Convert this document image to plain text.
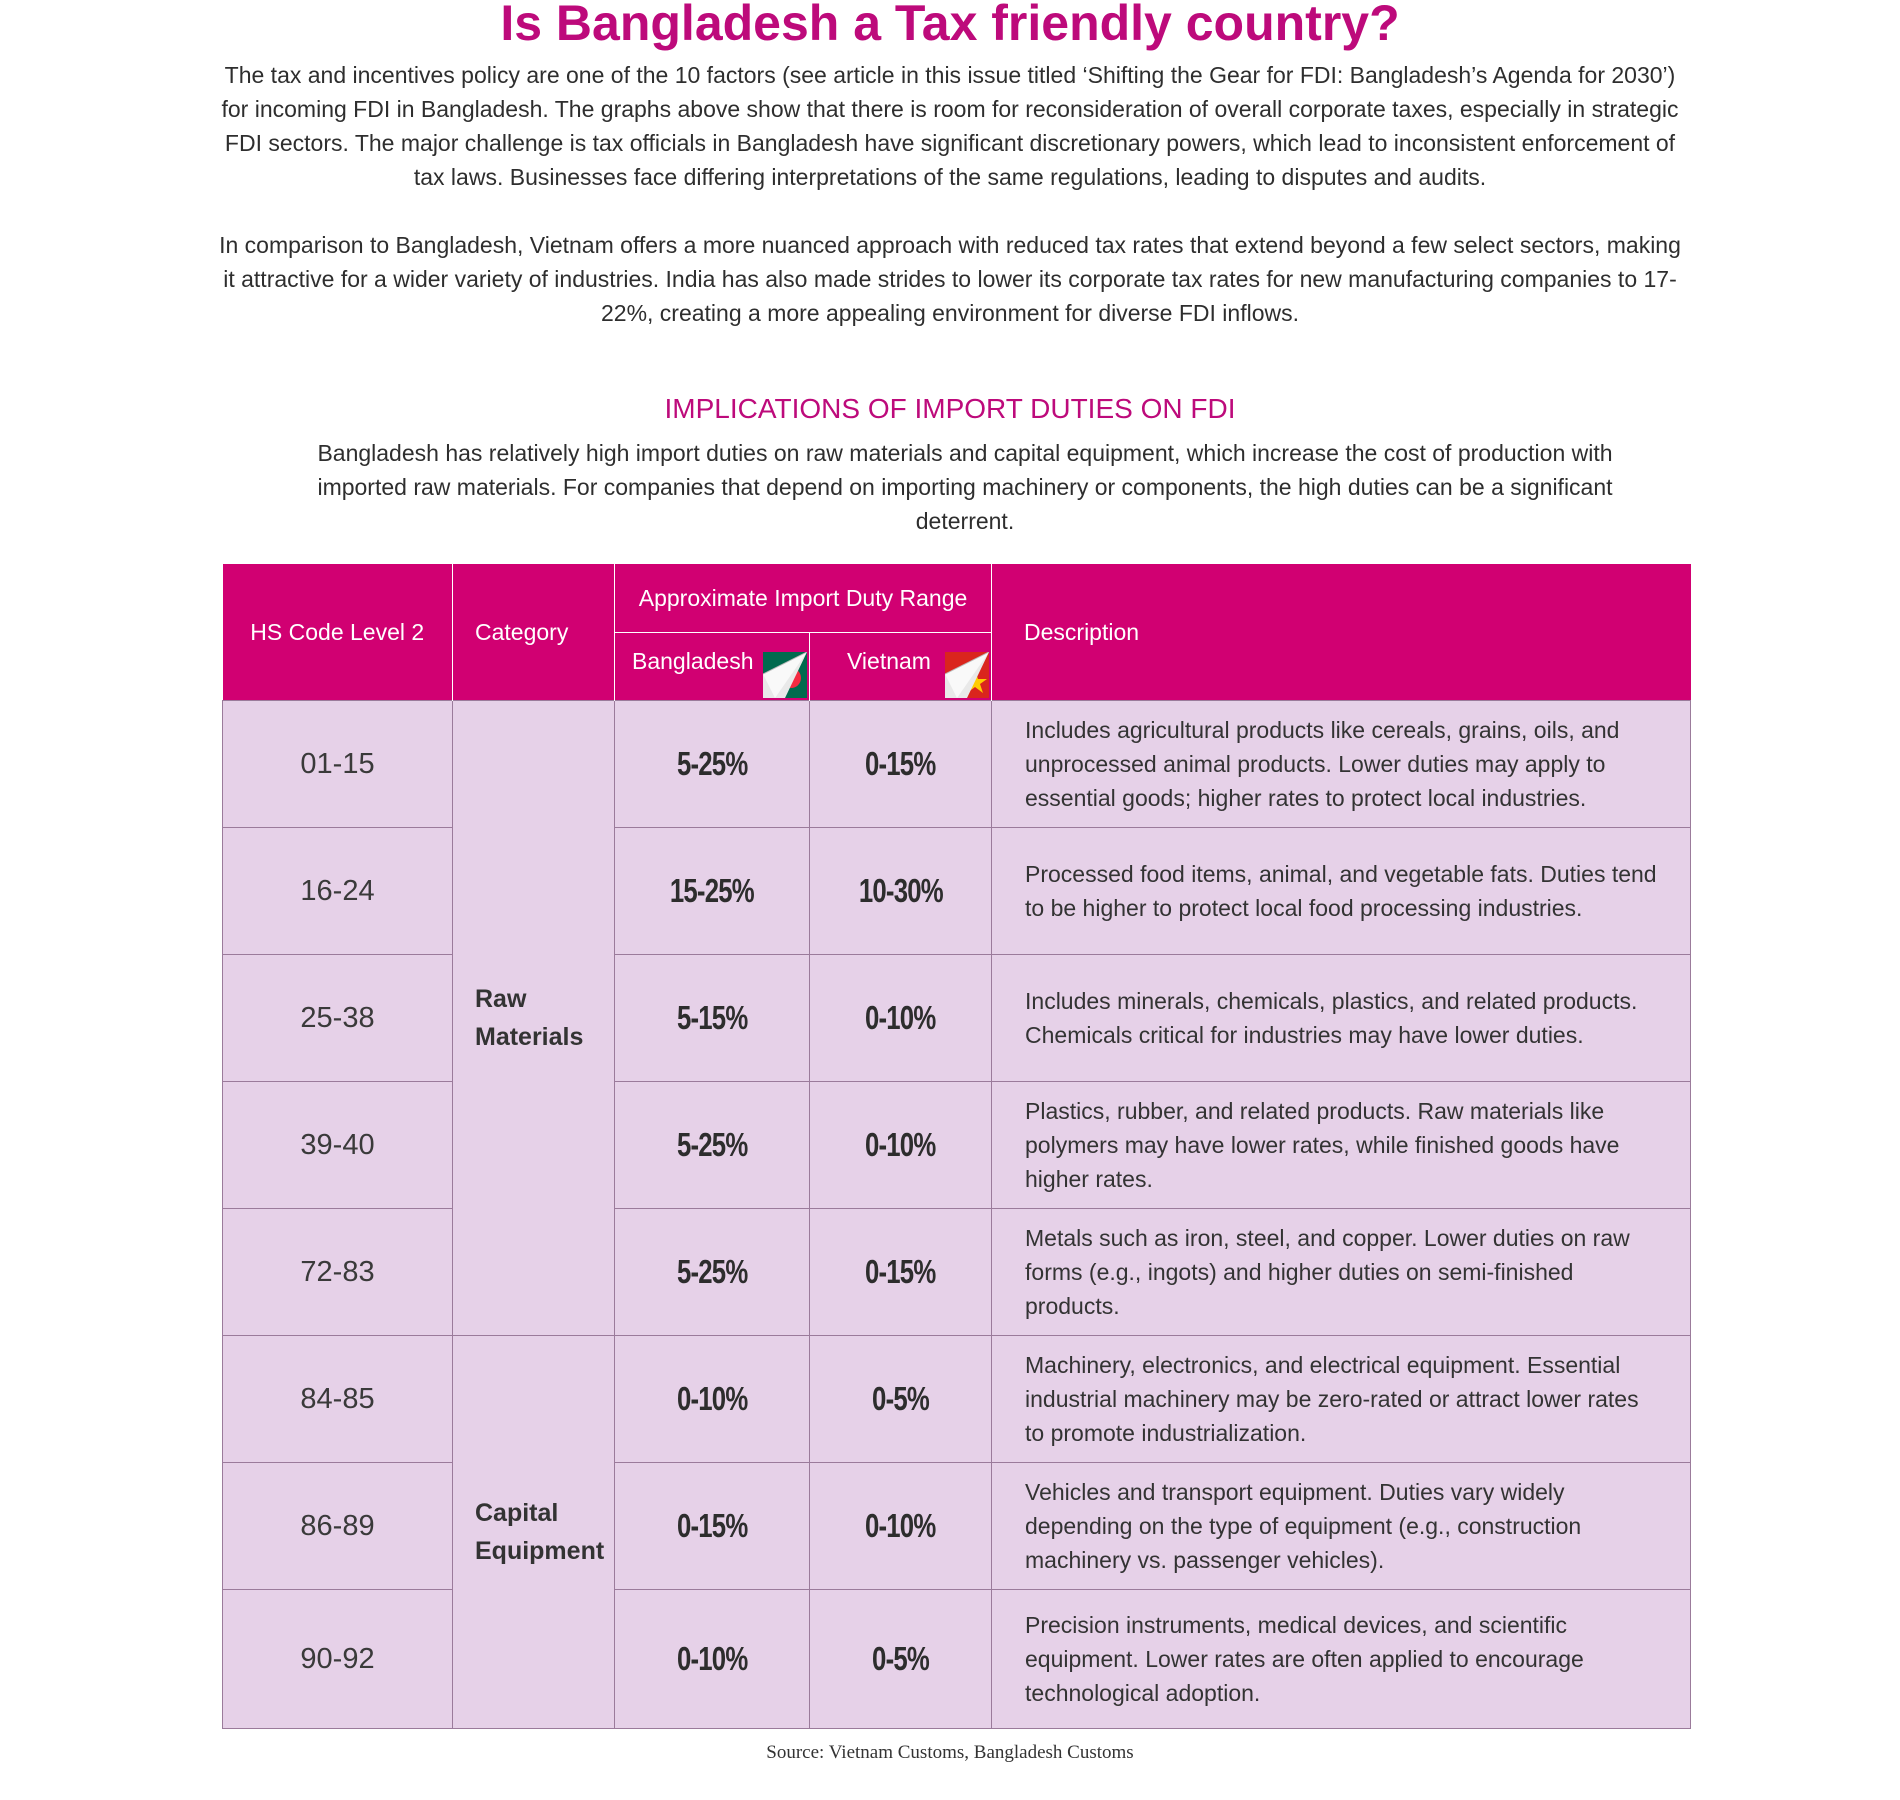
Is Bangladesh a Tax friendly country?

The tax and incentives policy are one of the 10 factors (see article in this issue titled ‘Shifting the Gear for FDI: Bangladesh’s Agenda for 2030’) for incoming FDI in Bangladesh. The graphs above show that there is room for reconsideration of overall corporate taxes, especially in strategic FDI sectors. The major challenge is tax officials in Bangladesh have significant discretionary powers, which lead to inconsistent enforcement of tax laws. Businesses face differing interpretations of the same regulations, leading to disputes and audits.

In comparison to Bangladesh, Vietnam offers a more nuanced approach with reduced tax rates that extend beyond a few select sectors, making it attractive for a wider variety of industries. India has also made strides to lower its corporate tax rates for new manufacturing companies to 17-22%, creating a more appealing environment for diverse FDI inflows.

IMPLICATIONS OF IMPORT DUTIES ON FDI
Bangladesh has relatively high import duties on raw materials and capital equipment, which increase the cost of production with imported raw materials. For companies that depend on importing machinery or components, the high duties can be a significant deterrent.
HS Code Level 2	Category	Approximate Import Duty Range		Description

		Bangladesh	Vietnam	

01-15	Raw Materials	5-25%	0-15%	Includes agricultural products like cereals, grains, oils, and unprocessed animal products. Lower duties may apply to essential goods; higher rates to protect local industries.
16-24		15-25%	10-30%	Processed food items, animal, and vegetable fats. Duties tend to be higher to protect local food processing industries.
25-38		5-15%	0-10%	Includes minerals, chemicals, plastics, and related products. Chemicals critical for industries may have lower duties.
39-40		5-25%	0-10%	Plastics, rubber, and related products. Raw materials like polymers may have lower rates, while finished goods have higher rates.
72-83		5-25%	0-15%	Metals such as iron, steel, and copper. Lower duties on raw forms (e.g., ingots) and higher duties on semi-finished products.
84-85	Capital Equipment	0-10%	0-5%	Machinery, electronics, and electrical equipment. Essential industrial machinery may be zero-rated or attract lower rates to promote industrialization.
86-89		0-15%	0-10%	Vehicles and transport equipment. Duties vary widely depending on the type of equipment (e.g., construction machinery vs. passenger vehicles).
90-92		0-10%	0-5%	Precision instruments, medical devices, and scientific equipment. Lower rates are often applied to encourage technological adoption.
Source: Vietnam Customs, Bangladesh Customs
